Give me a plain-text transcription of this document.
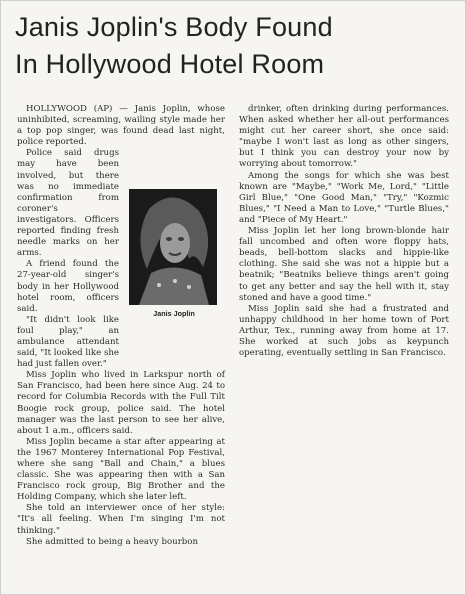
Janis Joplin's Body Found
In Hollywood Hotel Room

HOLLYWOOD (AP) — Janis Joplin, whose uninhibited, screaming, wailing style made her a top pop singer, was found dead last night, police reported.

Police said drugs may have been involved, but there was no immediate confirmation from coroner's investigators. Officers reported finding fresh needle marks on her arms.

A friend found the 27-year-old singer's body in her Hollywood hotel room, officers said.

"It didn't look like foul play," an ambulance attendant said, "It looked like she had just fallen over."

Miss Joplin who lived in Larkspur north of San Francisco, had been here since Aug. 24 to record for Columbia Records with the Full Tilt Boogie rock group, police said. The hotel manager was the last person to see her alive, about 1 a.m., officers said.

Miss Joplin became a star after appearing at the 1967 Monterey International Pop Festival, where she sang "Ball and Chain," a blues classic. She was appearing then with a San Francisco rock group, Big Brother and the Holding Company, which she later left.

She told an interviewer once of her style: "It's all feeling. When I'm singing I'm not thinking."

She admitted to being a heavy bourbon

Janis Joplin

drinker, often drinking during performances. When asked whether her all-out performances might cut her career short, she once said: "maybe I won't last as long as other singers, but I think you can destroy your now by worrying about tomorrow."

Among the songs for which she was best known are "Maybe," "Work Me, Lord," "Little Girl Blue," "One Good Man," "Try," "Kozmic Blues," "I Need a Man to Love," "Turtle Blues," and "Piece of My Heart."

Miss Joplin let her long brown-blonde hair fall uncombed and often wore floppy hats, beads, bell-bottom slacks and hippie-like clothing. She said she was not a hippie but a beatnik; "Beatniks believe things aren't going to get any better and say the hell with it, stay stoned and have a good time."

Miss Joplin said she had a frustrated and unhappy childhood in her home town of Port Arthur, Tex., running away from home at 17. She worked at such jobs as keypunch operating, eventually settling in San Francisco.
